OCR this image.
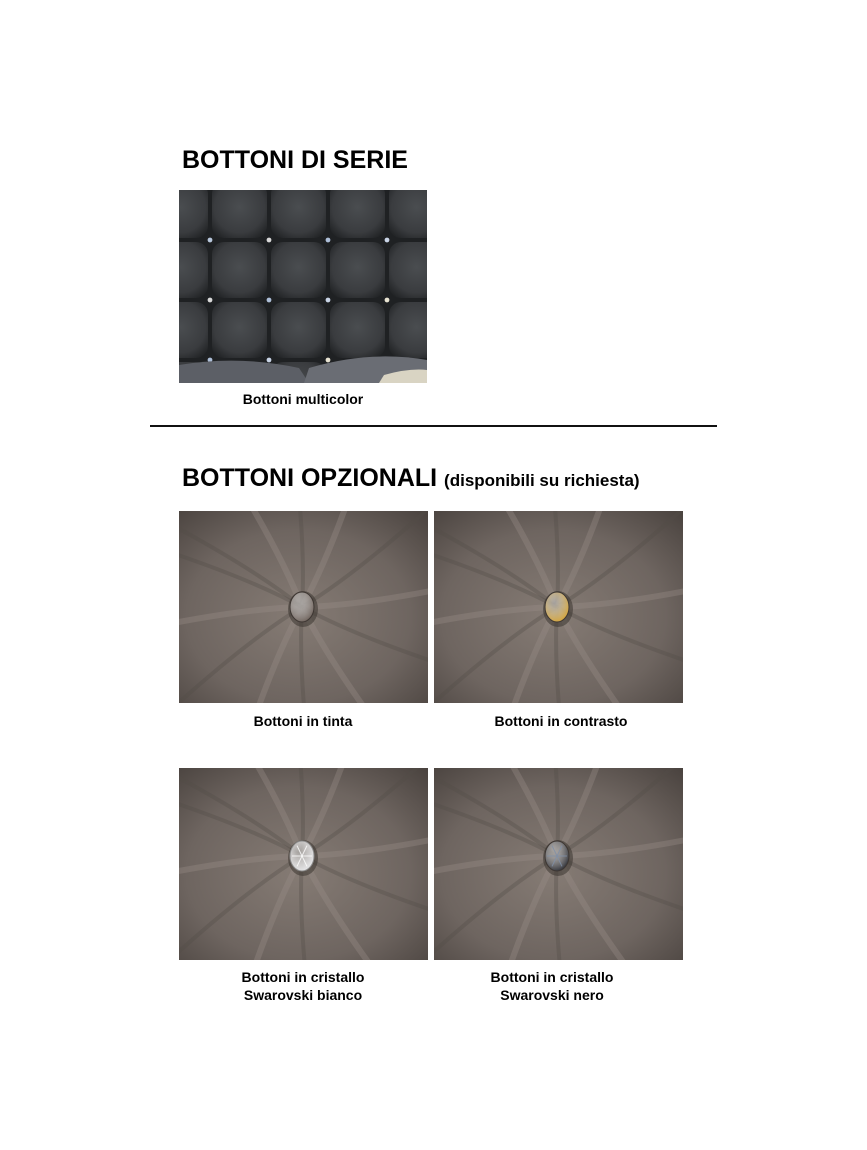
BOTTONI DI SERIE
Bottoni multicolor
BOTTONI OPZIONALI (disponibili su richiesta)
Bottoni in tinta	Bottoni in contrasto
Bottoni in cristallo
Swarovski bianco
Bottoni in cristallo
Swarovski nero
